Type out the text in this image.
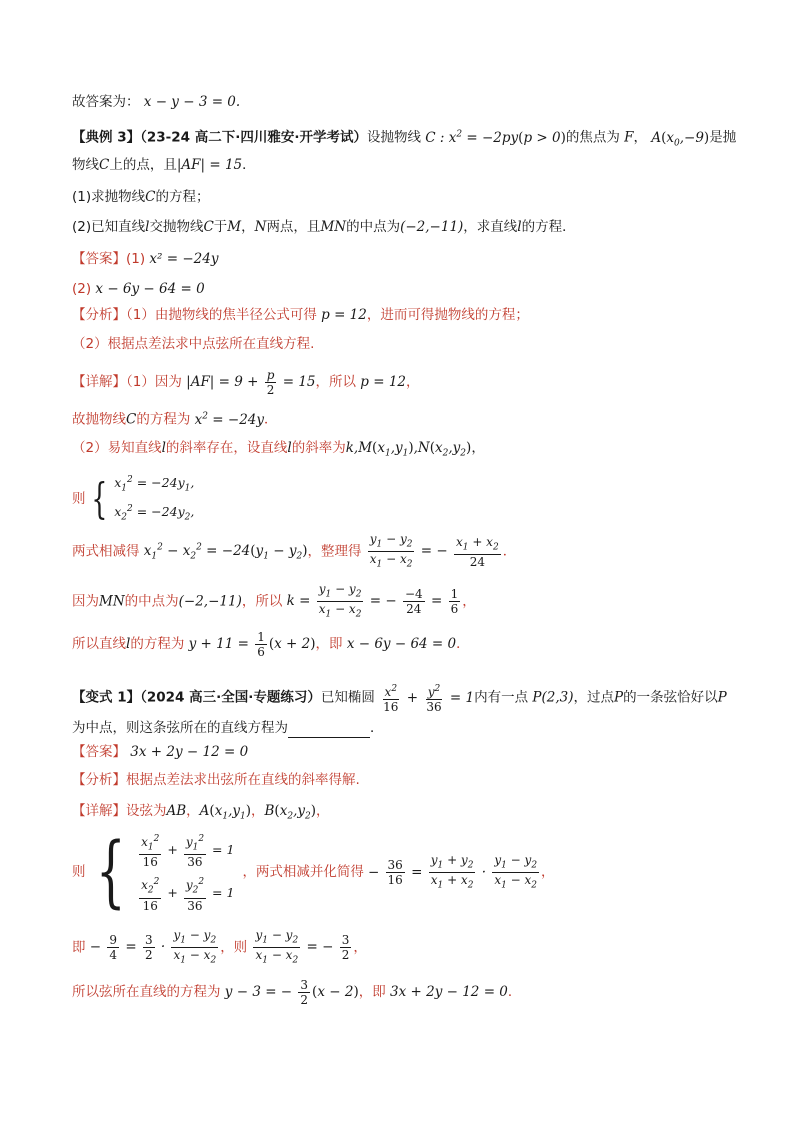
故答案为： x − y − 3 = 0.
【典例 3】（23-24 高二下·四川雅安·开学考试）设抛物线 C : $x^2 = -2py(p > 0)$的焦点为 F， $A(x_0,-9)$是抛
物线C上的点，且|AF| = 15．
(1)求抛物线C的方程；
(2)已知直线l交抛物线C于M，N两点，且MN的中点为(−2,−11)，求直线l的方程．
【答案】(1) x² = −24y
(2) x − 6y − 64 = 0
【分析】（1）由抛物线的焦半径公式可得 p = 12，进而可得抛物线的方程；
（2）根据点差法求中点弦所在直线方程.
【详解】（1）因为 $|AF| = 9 + \frac{p}{2} = 15$，所以 p = 12，
故抛物线C的方程为 $x^2 = -24y$．
（2）易知直线l的斜率存在，设直线l的斜率为$k,M(x_1,y_1),N(x_2,y_2)$，
则 { $x_1^2 = -24y_1$,
$x_2^2 = -24y_2$,
两式相减得 $x_1^2 - x_2^2 = -24(y_1 - y_2)$，整理得 $\frac{y_1 - y_2}{x_1 - x_2}$ = − $\frac{x_1 + x_2}{24}$ ．
因为MN的中点为(−2,−11)，所以 $k = \frac{y_1 - y_2}{x_1 - x_2}$ = − $\frac{-4}{24} = \frac{1}{6}$ ，
所以直线l的方程为 $y + 11 = \frac{1}{6} (x + 2)$，即 x − 6y − 64 = 0．
【变式 1】（2024 高三·全国·专题练习）已知椭圆 $\frac{x^2}{16} + \frac{y^2}{36} = 1$内有一点 P(2,3)，过点P的一条弦恰好以P
为中点，则这条弦所在的直线方程为	．
【答案】 3x + 2y − 12 = 0
【分析】根据点差法求出弦所在直线的斜率得解.
【详解】设弦为AB，$A(x_1,y_1)$，$B(x_2,y_2)$，
则 { $\frac{x_1^2}{16} + \frac{y_1^2}{36} = 1$
$\frac{x_2^2}{16} + \frac{y_2^2}{36} = 1$
，两式相减并化简得 − $\frac{36}{16} = \frac{y_1 + y_2}{x_1 + x_2} \cdot \frac{y_1 - y_2}{x_1 - x_2}$ ，
即 − $\frac{9}{4} = \frac{3}{2} \cdot \frac{y_1 - y_2}{x_1 - x_2}$ ，则 $\frac{y_1 - y_2}{x_1 - x_2}$ = − $\frac{3}{2}$ ，
所以弦所在直线的方程为 y − 3 = − $\frac{3}{2} (x - 2)$，即 3x + 2y − 12 = 0．
